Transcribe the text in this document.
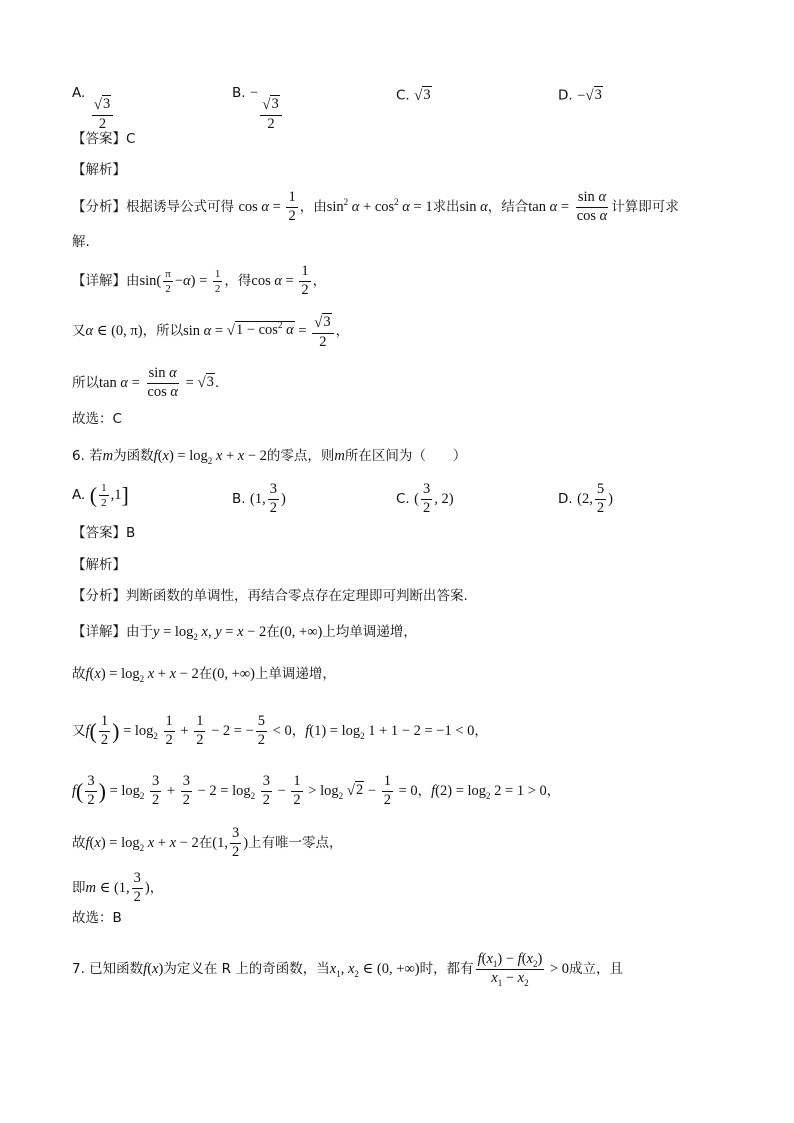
A.
$\frac{√ 3}{2}$
B. −
$\frac{√ 3}{2}$	C. √ 3	D. − √ 3
【答案】C
【解析】
【分析】根据诱导公式可得 $\cos \alpha = \frac{1}{2}$ ，由$\sin^2 \alpha + \cos^2 \alpha = 1$求出sin α，结合$\tan \alpha = \frac{\text{sin α}}{\text{cos α}}$ 计算即可求
解.
【详解】由$\sin( \frac{\pi}{2} -\alpha) = \frac{1}{2}$ ，得$\cos \alpha = \frac{1}{2}$ ，
又α ∈ (0, π)，所以sin α = √ $1 - \cos^2 \alpha = \frac{√ 3}{2}$ ，
所以$\tan \alpha = \frac{\text{sin α}}{\text{cos α}}$ = √ 3 .
故选：C
6. 若m为函数$f(x) = \log_2 x + x - 2$的零点，则m所在区间为（　　）
A. ( $\frac{1}{2} ,1$]	B. (1, $\frac{3}{2}$ )	C. ( $\frac{3}{2}$ , 2)	D. (2, $\frac{5}{2}$ )
【答案】B
【解析】
【分析】判断函数的单调性，再结合零点存在定理即可判断出答案.
【详解】由于$y = \log_2 x$, y = x − 2在(0, +∞)上均单调递增，
故$f(x) = \log_2 x + x - 2$在(0, +∞)上单调递增，
又$f( \frac{1}{2}$ ) = $\log_2 \frac{1}{2} + \frac{1}{2} - 2$ = − $\frac{5}{2} < 0$，$f(1) = \log_2 1 + 1 - 2 = -1 < 0$，
$f( \frac{3}{2}$ ) = $\log_2 \frac{3}{2} + \frac{3}{2} - 2 = \log_2 \frac{3}{2} - \frac{1}{2} > \log_2$ √ $2 - \frac{1}{2} = 0$，$f(2) = \log_2 2 = 1 > 0$，
故$f(x) = \log_2 x + x - 2$在(1, $\frac{3}{2}$ )上有唯一零点，
即m ∈ (1, $\frac{3}{2}$ )，
故选：B
7. 已知函数f(x)为定义在 R 上的奇函数，当$x_1$, $x_2$ ∈ (0, +∞)时，都有 $\frac{f(x_1) - f(x_2)}{x_1 - x_2} > 0$成立，且
